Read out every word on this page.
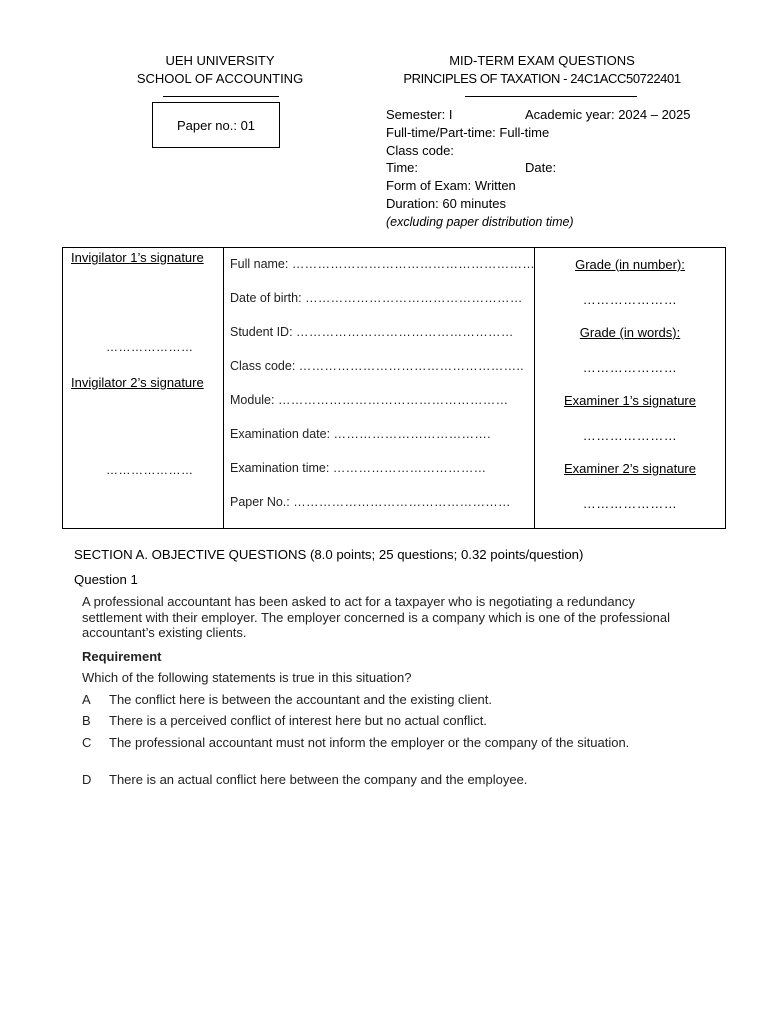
UEH UNIVERSITY
SCHOOL OF ACCOUNTING
MID-TERM EXAM QUESTIONS
PRINCIPLES OF TAXATION - 24C1ACC50722401
Paper no.: 01
Semester: I	Academic year: 2024 – 2025
Full-time/Part-time: Full-time
Class code:
Time:	Date:
Form of Exam: Written
Duration: 60 minutes
(excluding paper distribution time)
Invigilator 1’s signature
…………………
Invigilator 2’s signature
…………………
Full name: …………………………………………………
Date of birth: ……………………………………………
Student ID: ……………………………………………
Class code: ……………………………………………..
Module: ………………………………………………
Examination date: ……………………………….
Examination time: ………………………………
Paper No.: ……………………………………………
Grade (in number):
…………………
Grade (in words):
…………………
Examiner 1’s signature
…………………
Examiner 2’s signature
…………………
SECTION A. OBJECTIVE QUESTIONS (8.0 points; 25 questions; 0.32 points/question)
Question 1
A professional accountant has been asked to act for a taxpayer who is negotiating a redundancy settlement with their employer. The employer concerned is a company which is one of the professional accountant’s existing clients.
Requirement
Which of the following statements is true in this situation?
A The conflict here is between the accountant and the existing client.
B There is a perceived conflict of interest here but no actual conflict.
C The professional accountant must not inform the employer or the company of the situation.
D There is an actual conflict here between the company and the employee.
